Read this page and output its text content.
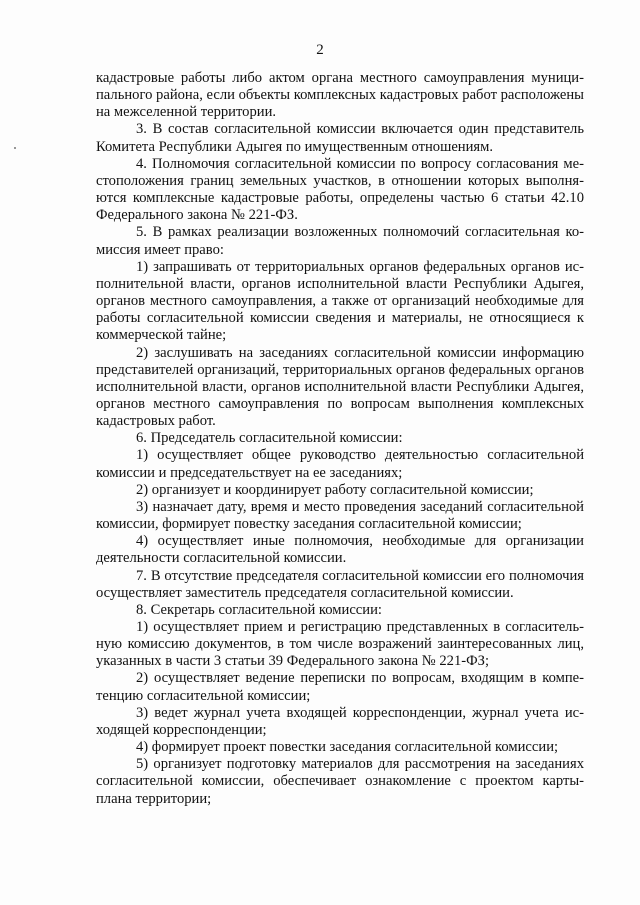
2

кадастровые работы либо актом органа местного самоуправления муниципального района, если объекты комплексных кадастровых работ расположены на межселенной территории.

3. В состав согласительной комиссии включается один представитель Комитета Республики Адыгея по имущественным отношениям.

4. Полномочия согласительной комиссии по вопросу согласования местоположения границ земельных участков, в отношении которых выполняются комплексные кадастровые работы, определены частью 6 статьи 42.10 Федерального закона № 221-ФЗ.

5. В рамках реализации возложенных полномочий согласительная комиссия имеет право:

1) запрашивать от территориальных органов федеральных органов исполнительной власти, органов исполнительной власти Республики Адыгея, органов местного самоуправления, а также от организаций необходимые для работы согласительной комиссии сведения и материалы, не относящиеся к коммерческой тайне;

2) заслушивать на заседаниях согласительной комиссии информацию представителей организаций, территориальных органов федеральных органов исполнительной власти, органов исполнительной власти Республики Адыгея, органов местного самоуправления по вопросам выполнения комплексных кадастровых работ.

6. Председатель согласительной комиссии:

1) осуществляет общее руководство деятельностью согласительной комиссии и председательствует на ее заседаниях;

2) организует и координирует работу согласительной комиссии;

3) назначает дату, время и место проведения заседаний согласительной комиссии, формирует повестку заседания согласительной комиссии;

4) осуществляет иные полномочия, необходимые для организации деятельности согласительной комиссии.

7. В отсутствие председателя согласительной комиссии его полномочия осуществляет заместитель председателя согласительной комиссии.

8. Секретарь согласительной комиссии:

1) осуществляет прием и регистрацию представленных в согласительную комиссию документов, в том числе возражений заинтересованных лиц, указанных в части 3 статьи 39 Федерального закона № 221-ФЗ;

2) осуществляет ведение переписки по вопросам, входящим в компетенцию согласительной комиссии;

3) ведет журнал учета входящей корреспонденции, журнал учета исходящей корреспонденции;

4) формирует проект повестки заседания согласительной комиссии;

5) организует подготовку материалов для рассмотрения на заседаниях согласительной комиссии, обеспечивает ознакомление с проектом карты-плана территории;
